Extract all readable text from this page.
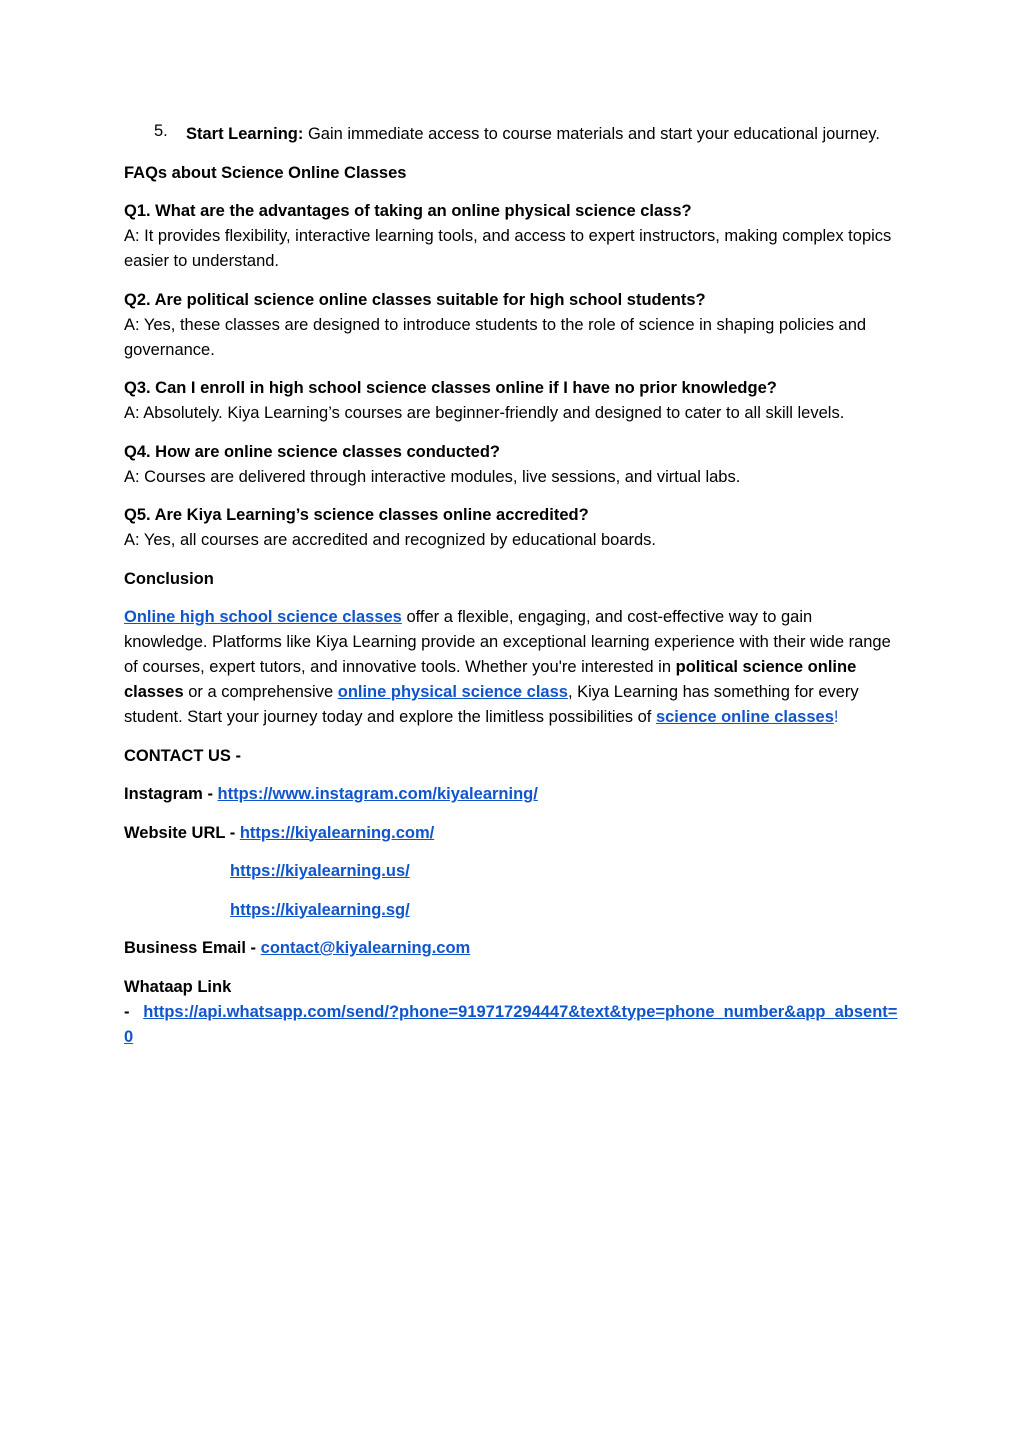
5.	Start Learning: Gain immediate access to course materials and start your educational journey.

FAQs about Science Online Classes

Q1. What are the advantages of taking an online physical science class?

A: It provides flexibility, interactive learning tools, and access to expert instructors, making complex topics easier to understand.

Q2. Are political science online classes suitable for high school students?

A: Yes, these classes are designed to introduce students to the role of science in shaping policies and governance.

Q3. Can I enroll in high school science classes online if I have no prior knowledge?

A: Absolutely. Kiya Learning’s courses are beginner-friendly and designed to cater to all skill levels.

Q4. How are online science classes conducted?

A: Courses are delivered through interactive modules, live sessions, and virtual labs.

Q5. Are Kiya Learning’s science classes online accredited?

A: Yes, all courses are accredited and recognized by educational boards.

Conclusion

Online high school science classes offer a flexible, engaging, and cost-effective way to gain knowledge. Platforms like Kiya Learning provide an exceptional learning experience with their wide range of courses, expert tutors, and innovative tools. Whether you're interested in political science online classes or a comprehensive online physical science class, Kiya Learning has something for every student. Start your journey today and explore the limitless possibilities of science online classes!

CONTACT US -

Instagram - https://www.instagram.com/kiyalearning/

Website URL - https://kiyalearning.com/

https://kiyalearning.us/

https://kiyalearning.sg/

Business Email - contact@kiyalearning.com

Whataap Link

-   https://api.whatsapp.com/send/?phone=919717294447&text&type=phone_number&app_absent=0
